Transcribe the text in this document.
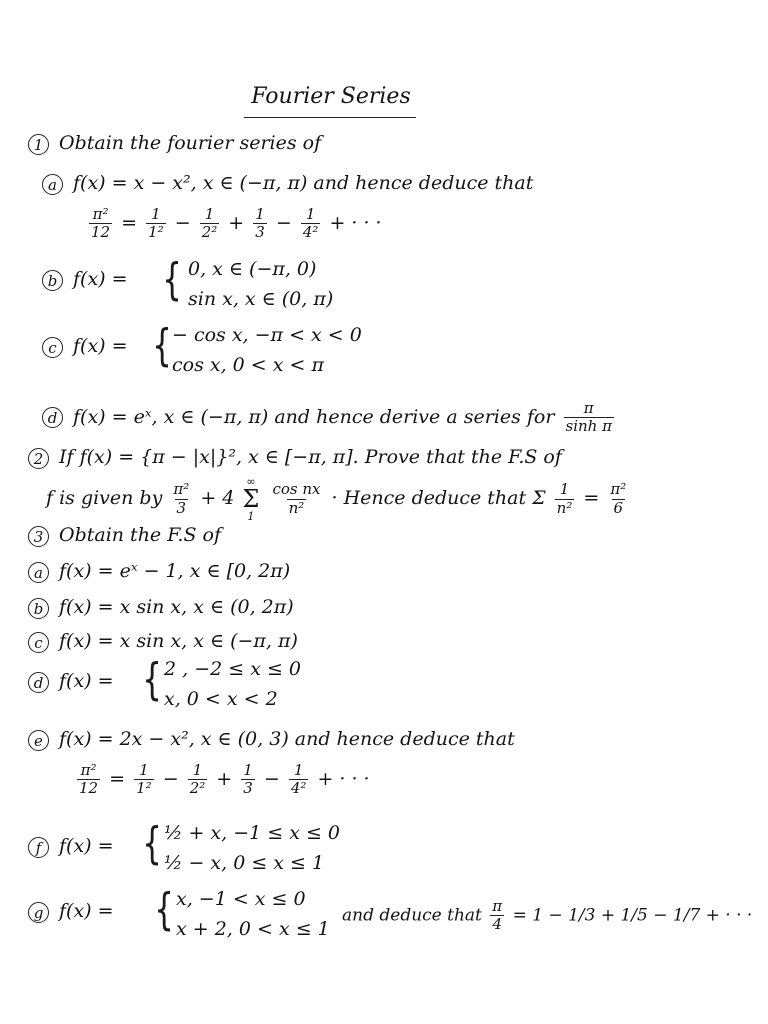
Fourier Series
1 Obtain the fourier series of
a f(x) = x − x², x ∈ (−π, π) and hence deduce that
$\frac{\text{π²}}{12} = \frac{1}{\text{1²}} - \frac{1}{\text{2²}} + \frac{1}{3} - \frac{1}{\text{4²}}$ + · · ·
b f(x) = { 0, x ∈ (−π, 0)
sin x, x ∈ (0, π)
c f(x) = { − cos x, −π < x < 0
cos x, 0 < x < π
d f(x) = eˣ, x ∈ (−π, π) and hence derive a series for $\frac{\pi}{\text{sinh π}}$
2 If f(x) = {π − |x|}², x ∈ [−π, π]. Prove that the F.S of
f is given by $\frac{\text{π²}}{3} + 4$
∞
Σ
1
$\frac{\text{cos nx}}{\text{n²}}$ · Hence deduce that Σ $\frac{1}{\text{n²}} = \frac{\text{π²}}{6}$
3 Obtain the F.S of
a f(x) = eˣ − 1, x ∈ [0, 2π)
b f(x) = x sin x, x ∈ (0, 2π)
c f(x) = x sin x, x ∈ (−π, π)
d f(x) = { 2 , −2 ≤ x ≤ 0
x, 0 < x < 2
e f(x) = 2x − x², x ∈ (0, 3) and hence deduce that
$\frac{\text{π²}}{12} = \frac{1}{\text{1²}} - \frac{1}{\text{2²}} + \frac{1}{3} - \frac{1}{\text{4²}}$ + · · ·
f f(x) = { ½ + x, −1 ≤ x ≤ 0
½ − x, 0 ≤ x ≤ 1
g f(x) = { x, −1 < x ≤ 0
x + 2, 0 < x ≤ 1
and deduce that $\frac{\pi}{4} = 1 - 1/3 + 1/5 - 1/7$ + · · ·
